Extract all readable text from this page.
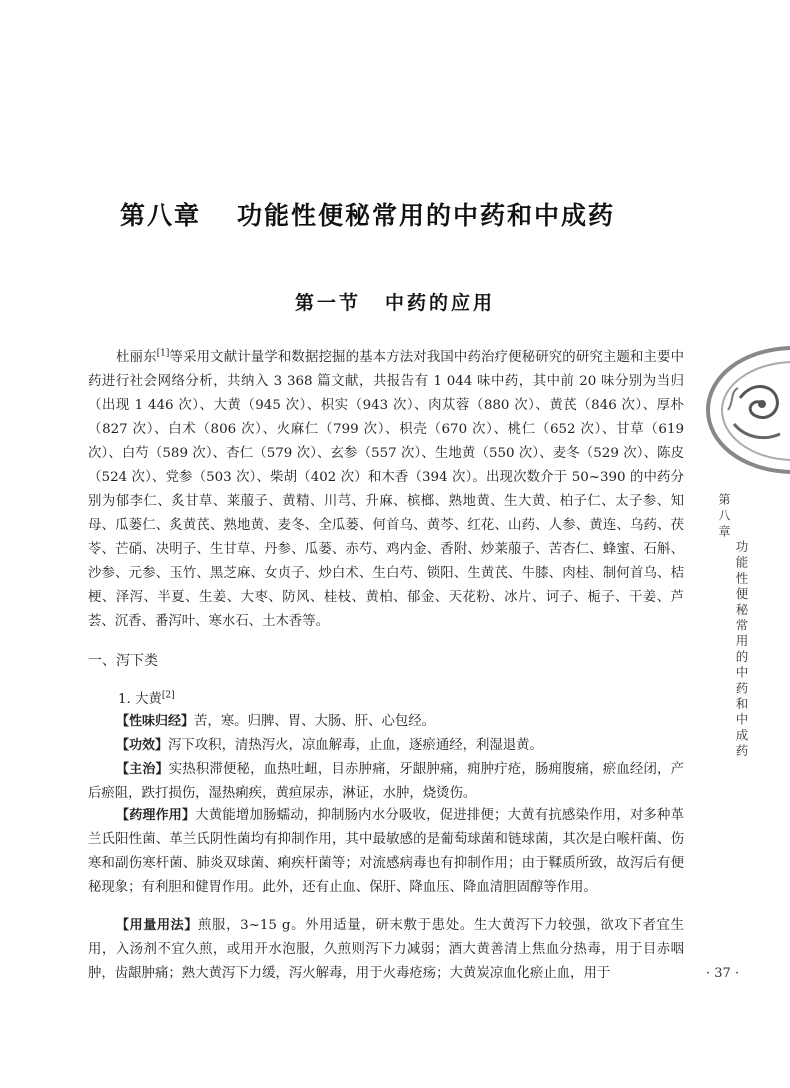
第八章 功能性便秘常用的中药和中成药
第一节 中药的应用
杜丽东[1]等采用文献计量学和数据挖掘的基本方法对我国中药治疗便秘研究的研究主题和主要中药进行社会网络分析，共纳入 3 368 篇文献，共报告有 1 044 味中药，其中前 20 味分别为当归（出现 1 446 次）、大黄（945 次）、枳实（943 次）、肉苁蓉（880 次）、黄芪（846 次）、厚朴（827 次）、白术（806 次）、火麻仁（799 次）、枳壳（670 次）、桃仁（652 次）、甘草（619 次）、白芍（589 次）、杏仁（579 次）、玄参（557 次）、生地黄（550 次）、麦冬（529 次）、陈皮（524 次）、党参（503 次）、柴胡（402 次）和木香（394 次）。出现次数介于 50~390 的中药分别为郁李仁、炙甘草、莱菔子、黄精、川芎、升麻、槟榔、熟地黄、生大黄、柏子仁、太子参、知母、瓜蒌仁、炙黄芪、熟地黄、麦冬、全瓜蒌、何首乌、黄芩、红花、山药、人参、黄连、乌药、茯苓、芒硝、决明子、生甘草、丹参、瓜蒌、赤芍、鸡内金、香附、炒莱菔子、苦杏仁、蜂蜜、石斛、沙参、元参、玉竹、黑芝麻、女贞子、炒白术、生白芍、锁阳、生黄芪、牛膝、肉桂、制何首乌、桔梗、泽泻、半夏、生姜、大枣、防风、桂枝、黄柏、郁金、天花粉、冰片、诃子、栀子、干姜、芦荟、沉香、番泻叶、寒水石、土木香等。
一、泻下类
1. 大黄[2]
【性味归经】苦，寒。归脾、胃、大肠、肝、心包经。
【功效】泻下攻积，清热泻火，凉血解毒，止血，逐瘀通经，利湿退黄。
【主治】实热积滞便秘，血热吐衄，目赤肿痛，牙龈肿痛，痈肿疔疮，肠痈腹痛，瘀血经闭，产后瘀阻，跌打损伤，湿热痢疾，黄疸尿赤，淋证，水肿，烧烫伤。
【药理作用】大黄能增加肠蠕动，抑制肠内水分吸收，促进排便；大黄有抗感染作用，对多种革兰氏阳性菌、革兰氏阴性菌均有抑制作用，其中最敏感的是葡萄球菌和链球菌，其次是白喉杆菌、伤寒和副伤寒杆菌、肺炎双球菌、痢疾杆菌等；对流感病毒也有抑制作用；由于鞣质所致，故泻后有便秘现象；有利胆和健胃作用。此外，还有止血、保肝、降血压、降血清胆固醇等作用。
【用量用法】煎服，3~15 g。外用适量，研末敷于患处。生大黄泻下力较强，欲攻下者宜生用，入汤剂不宜久煎，或用开水泡服，久煎则泻下力减弱；酒大黄善清上焦血分热毒，用于目赤咽肿，齿龈肿痛；熟大黄泻下力缓，泻火解毒，用于火毒疮疡；大黄炭凉血化瘀止血，用于
第八章
功能性便秘常用的中药和中成药
· 37 ·
